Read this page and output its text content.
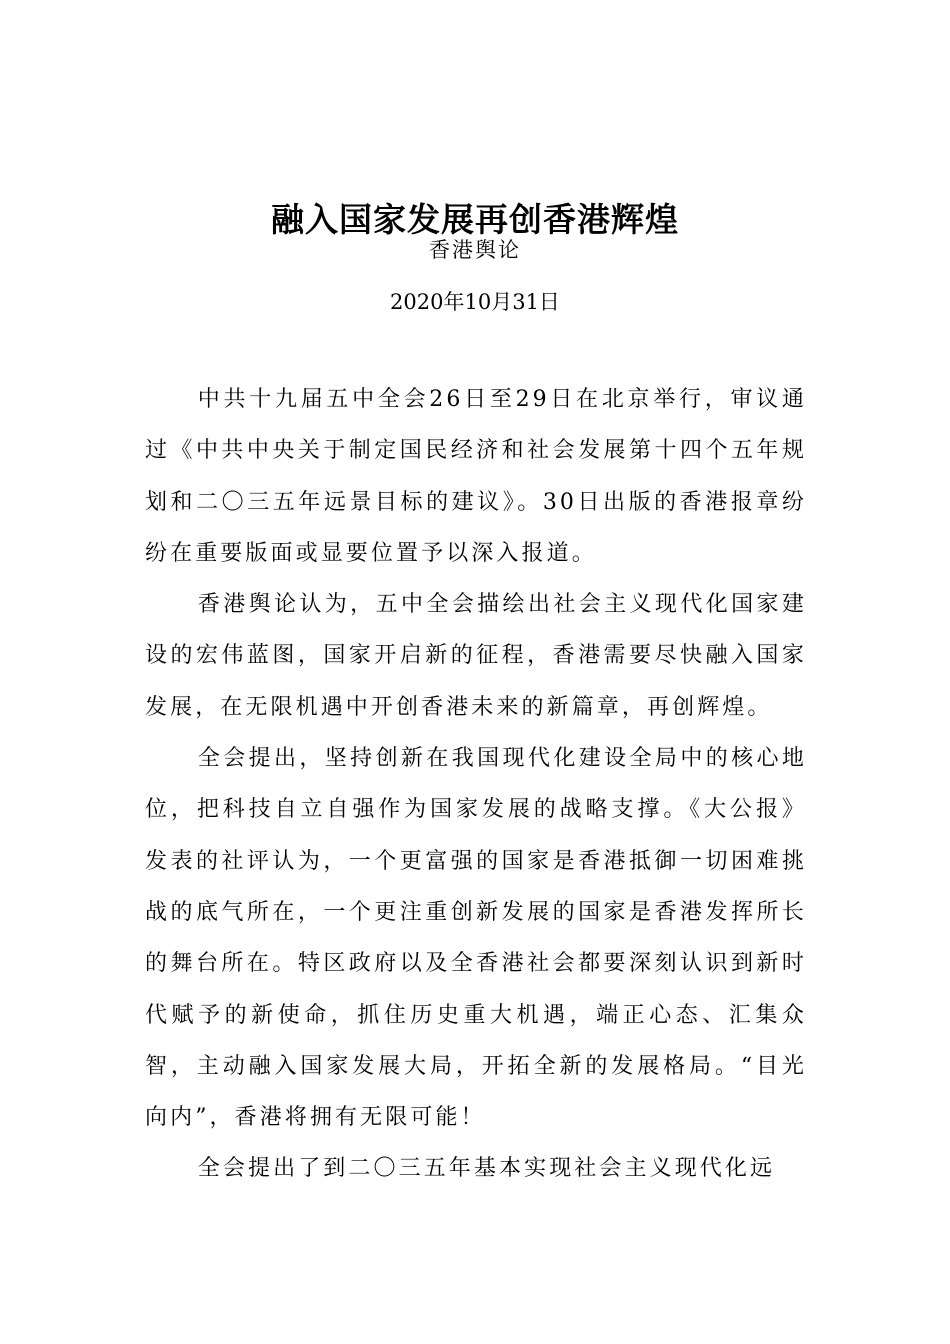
融入国家发展再创香港辉煌
香港舆论
2020年10月31日

中共十九届五中全会26日至29日在北京举行，审议通过《中共中央关于制定国民经济和社会发展第十四个五年规划和二〇三五年远景目标的建议》。30日出版的香港报章纷纷在重要版面或显要位置予以深入报道。

香港舆论认为，五中全会描绘出社会主义现代化国家建设的宏伟蓝图，国家开启新的征程，香港需要尽快融入国家发展，在无限机遇中开创香港未来的新篇章，再创辉煌。

全会提出，坚持创新在我国现代化建设全局中的核心地位，把科技自立自强作为国家发展的战略支撑。《大公报》发表的社评认为，一个更富强的国家是香港抵御一切困难挑战的底气所在，一个更注重创新发展的国家是香港发挥所长的舞台所在。特区政府以及全香港社会都要深刻认识到新时代赋予的新使命，抓住历史重大机遇，端正心态、汇集众智，主动融入国家发展大局，开拓全新的发展格局。“目光向内”，香港将拥有无限可能！

全会提出了到二〇三五年基本实现社会主义现代化远
